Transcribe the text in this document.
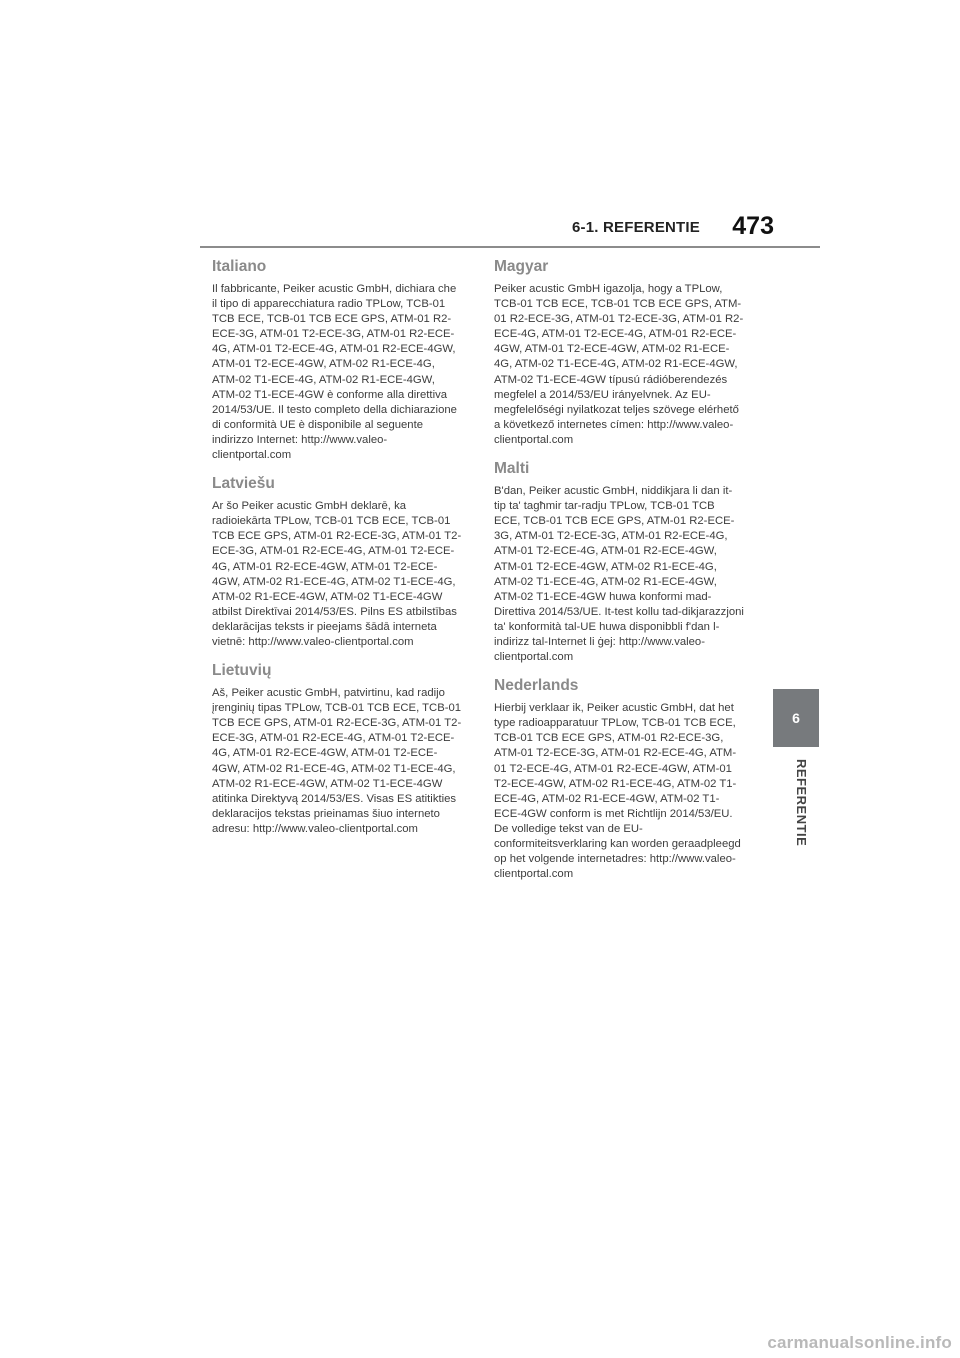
6-1. REFERENTIE 473
Italiano

Il fabbricante, Peiker acustic GmbH, dichiara che il tipo di apparecchiatura radio TPLow, TCB-01 TCB ECE, TCB-01 TCB ECE GPS, ATM-01 R2-ECE-3G, ATM-01 T2-ECE-3G, ATM-01 R2-ECE-4G, ATM-01 T2-ECE-4G, ATM-01 R2-ECE-4GW, ATM-01 T2-ECE-4GW, ATM-02 R1-ECE-4G, ATM-02 T1-ECE-4G, ATM-02 R1-ECE-4GW, ATM-02 T1-ECE-4GW è conforme alla direttiva 2014/53/UE. Il testo completo della dichiarazione di conformità UE è disponibile al seguente indirizzo Internet: http://www.valeo-clientportal.com

Latviešu

Ar šo Peiker acustic GmbH deklarē, ka radioiekārta TPLow, TCB-01 TCB ECE, TCB-01 TCB ECE GPS, ATM-01 R2-ECE-3G, ATM-01 T2-ECE-3G, ATM-01 R2-ECE-4G, ATM-01 T2-ECE-4G, ATM-01 R2-ECE-4GW, ATM-01 T2-ECE-4GW, ATM-02 R1-ECE-4G, ATM-02 T1-ECE-4G, ATM-02 R1-ECE-4GW, ATM-02 T1-ECE-4GW atbilst Direktīvai 2014/53/ES. Pilns ES atbilstības deklarācijas teksts ir pieejams šādā interneta vietnē: http://www.valeo-clientportal.com

Lietuvių

Aš, Peiker acustic GmbH, patvirtinu, kad radijo įrenginių tipas TPLow, TCB-01 TCB ECE, TCB-01 TCB ECE GPS, ATM-01 R2-ECE-3G, ATM-01 T2-ECE-3G, ATM-01 R2-ECE-4G, ATM-01 T2-ECE-4G, ATM-01 R2-ECE-4GW, ATM-01 T2-ECE-4GW, ATM-02 R1-ECE-4G, ATM-02 T1-ECE-4G, ATM-02 R1-ECE-4GW, ATM-02 T1-ECE-4GW atitinka Direktyvą 2014/53/ES. Visas ES atitikties deklaracijos tekstas prieinamas šiuo interneto adresu: http://www.valeo-clientportal.com

Magyar

Peiker acustic GmbH igazolja, hogy a TPLow, TCB-01 TCB ECE, TCB-01 TCB ECE GPS, ATM-01 R2-ECE-3G, ATM-01 T2-ECE-3G, ATM-01 R2-ECE-4G, ATM-01 T2-ECE-4G, ATM-01 R2-ECE-4GW, ATM-01 T2-ECE-4GW, ATM-02 R1-ECE-4G, ATM-02 T1-ECE-4G, ATM-02 R1-ECE-4GW, ATM-02 T1-ECE-4GW típusú rádióberendezés megfelel a 2014/53/EU irányelvnek. Az EU-megfelelőségi nyilatkozat teljes szövege elérhető a következő internetes címen: http://www.valeo-clientportal.com

Malti

B'dan, Peiker acustic GmbH, niddikjara li dan it-tip ta' tagħmir tar-radju TPLow, TCB-01 TCB ECE, TCB-01 TCB ECE GPS, ATM-01 R2-ECE-3G, ATM-01 T2-ECE-3G, ATM-01 R2-ECE-4G, ATM-01 T2-ECE-4G, ATM-01 R2-ECE-4GW, ATM-01 T2-ECE-4GW, ATM-02 R1-ECE-4G, ATM-02 T1-ECE-4G, ATM-02 R1-ECE-4GW, ATM-02 T1-ECE-4GW huwa konformi mad-Direttiva 2014/53/UE. It-test kollu tad-dikjarazzjoni ta' konformità tal-UE huwa disponibbli f'dan l-indirizz tal-Internet li ġej: http://www.valeo-clientportal.com

Nederlands

Hierbij verklaar ik, Peiker acustic GmbH, dat het type radioapparatuur TPLow, TCB-01 TCB ECE, TCB-01 TCB ECE GPS, ATM-01 R2-ECE-3G, ATM-01 T2-ECE-3G, ATM-01 R2-ECE-4G, ATM-01 T2-ECE-4G, ATM-01 R2-ECE-4GW, ATM-01 T2-ECE-4GW, ATM-02 R1-ECE-4G, ATM-02 T1-ECE-4G, ATM-02 R1-ECE-4GW, ATM-02 T1-ECE-4GW conform is met Richtlijn 2014/53/EU. De volledige tekst van de EU-conformiteitsverklaring kan worden geraadpleegd op het volgende internetadres: http://www.valeo-clientportal.com

6
REFERENTIE
carmanualsonline.info
